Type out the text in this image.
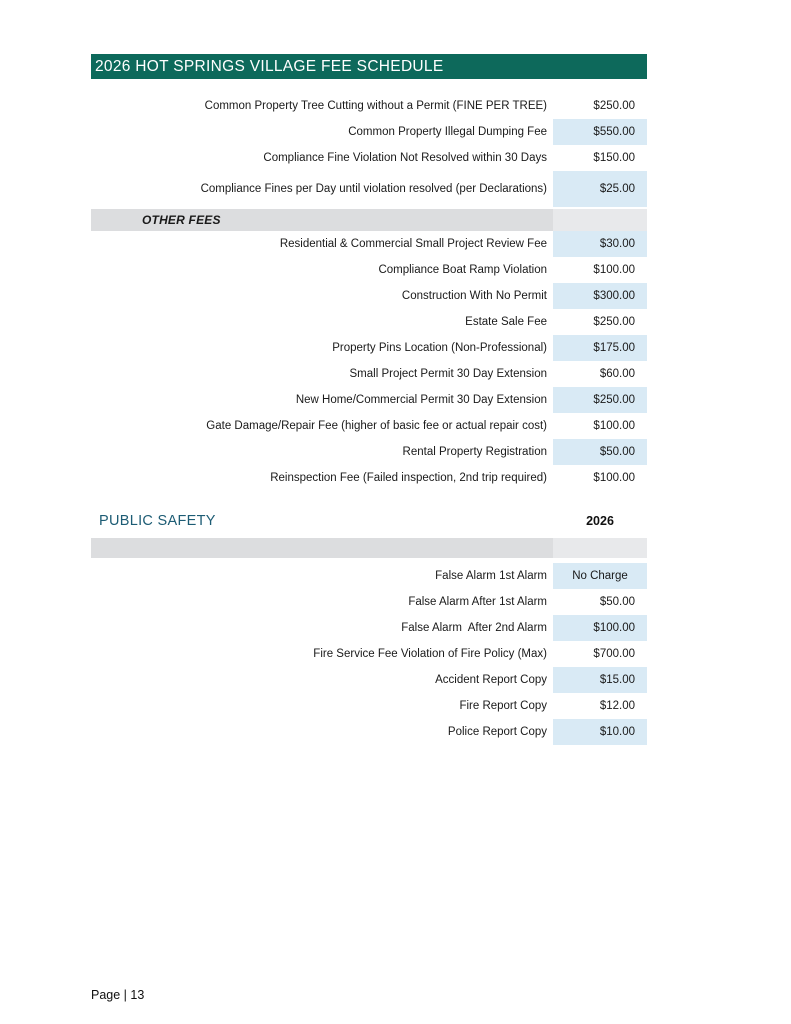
2026 HOT SPRINGS VILLAGE FEE SCHEDULE
Common Property Tree Cutting without a Permit (FINE PER TREE)	$250.00
Common Property Illegal Dumping Fee	$550.00
Compliance Fine Violation Not Resolved within 30 Days	$150.00
Compliance Fines per Day until violation resolved (per Declarations)	$25.00
OTHER FEES
Residential & Commercial Small Project Review Fee	$30.00
Compliance Boat Ramp Violation	$100.00
Construction With No Permit	$300.00
Estate Sale Fee	$250.00
Property Pins Location (Non-Professional)	$175.00
Small Project Permit 30 Day Extension	$60.00
New Home/Commercial Permit 30 Day Extension	$250.00
Gate Damage/Repair Fee (higher of basic fee or actual repair cost)	$100.00
Rental Property Registration	$50.00
Reinspection Fee (Failed inspection, 2nd trip required)	$100.00
PUBLIC SAFETY	2026
False Alarm 1st Alarm	No Charge
False Alarm After 1st Alarm	$50.00
False Alarm  After 2nd Alarm	$100.00
Fire Service Fee Violation of Fire Policy (Max)	$700.00
Accident Report Copy	$15.00
Fire Report Copy	$12.00
Police Report Copy	$10.00
Page | 13
